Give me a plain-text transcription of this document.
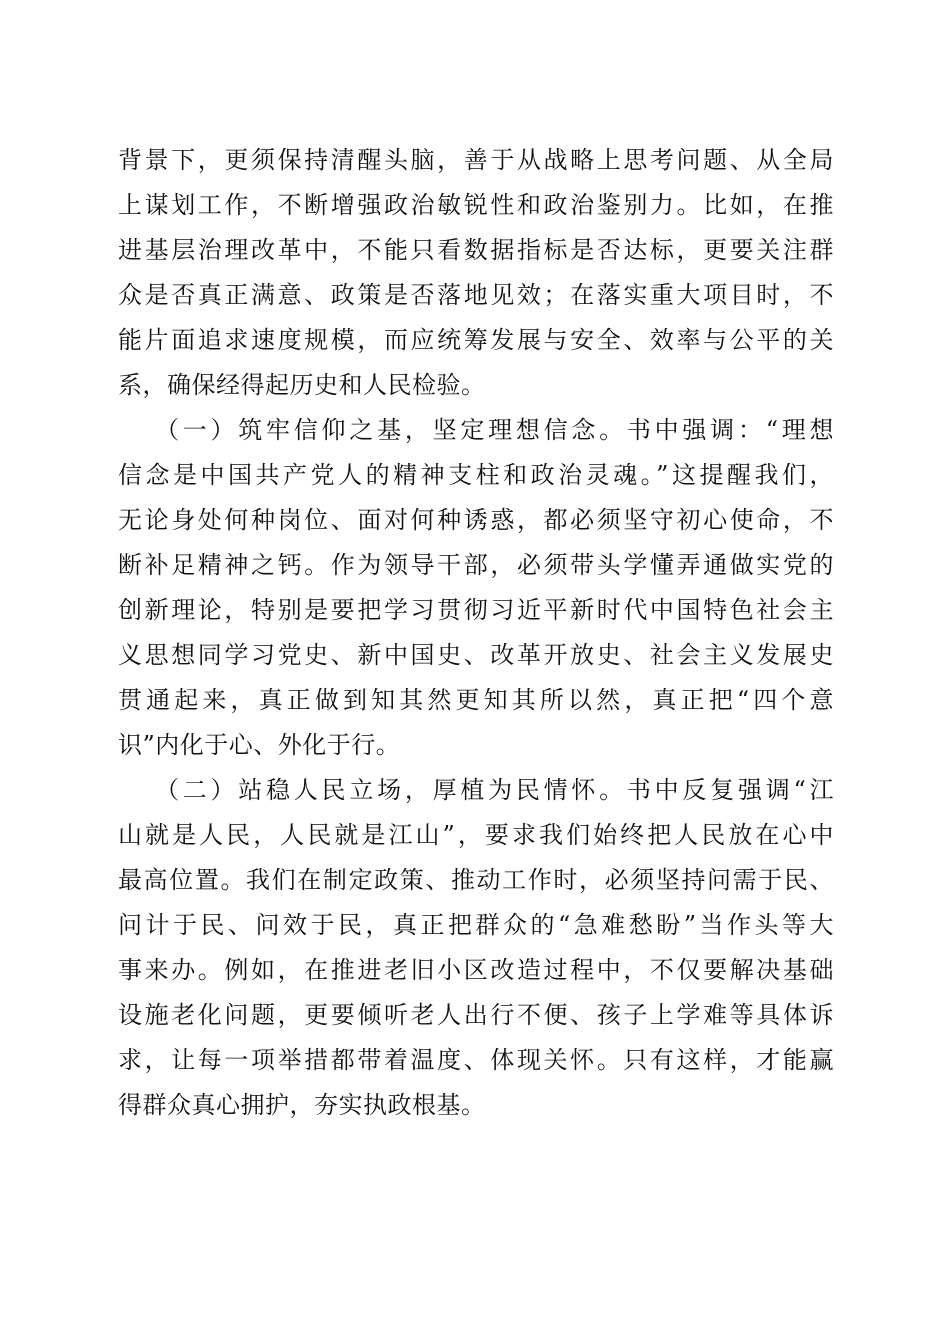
背景下，更须保持清醒头脑，善于从战略上思考问题、从全局
上谋划工作，不断增强政治敏锐性和政治鉴别力。比如，在推
进基层治理改革中，不能只看数据指标是否达标，更要关注群
众是否真正满意、政策是否落地见效；在落实重大项目时，不
能片面追求速度规模，而应统筹发展与安全、效率与公平的关
系，确保经得起历史和人民检验。
（一）筑牢信仰之基，坚定理想信念。书中强调：“理想
信念是中国共产党人的精神支柱和政治灵魂。”这提醒我们，
无论身处何种岗位、面对何种诱惑，都必须坚守初心使命，不
断补足精神之钙。作为领导干部，必须带头学懂弄通做实党的
创新理论，特别是要把学习贯彻习近平新时代中国特色社会主
义思想同学习党史、新中国史、改革开放史、社会主义发展史
贯通起来，真正做到知其然更知其所以然，真正把“四个意
识”内化于心、外化于行。
（二）站稳人民立场，厚植为民情怀。书中反复强调“江
山就是人民，人民就是江山”，要求我们始终把人民放在心中
最高位置。我们在制定政策、推动工作时，必须坚持问需于民、
问计于民、问效于民，真正把群众的“急难愁盼”当作头等大
事来办。例如，在推进老旧小区改造过程中，不仅要解决基础
设施老化问题，更要倾听老人出行不便、孩子上学难等具体诉
求，让每一项举措都带着温度、体现关怀。只有这样，才能赢
得群众真心拥护，夯实执政根基。
